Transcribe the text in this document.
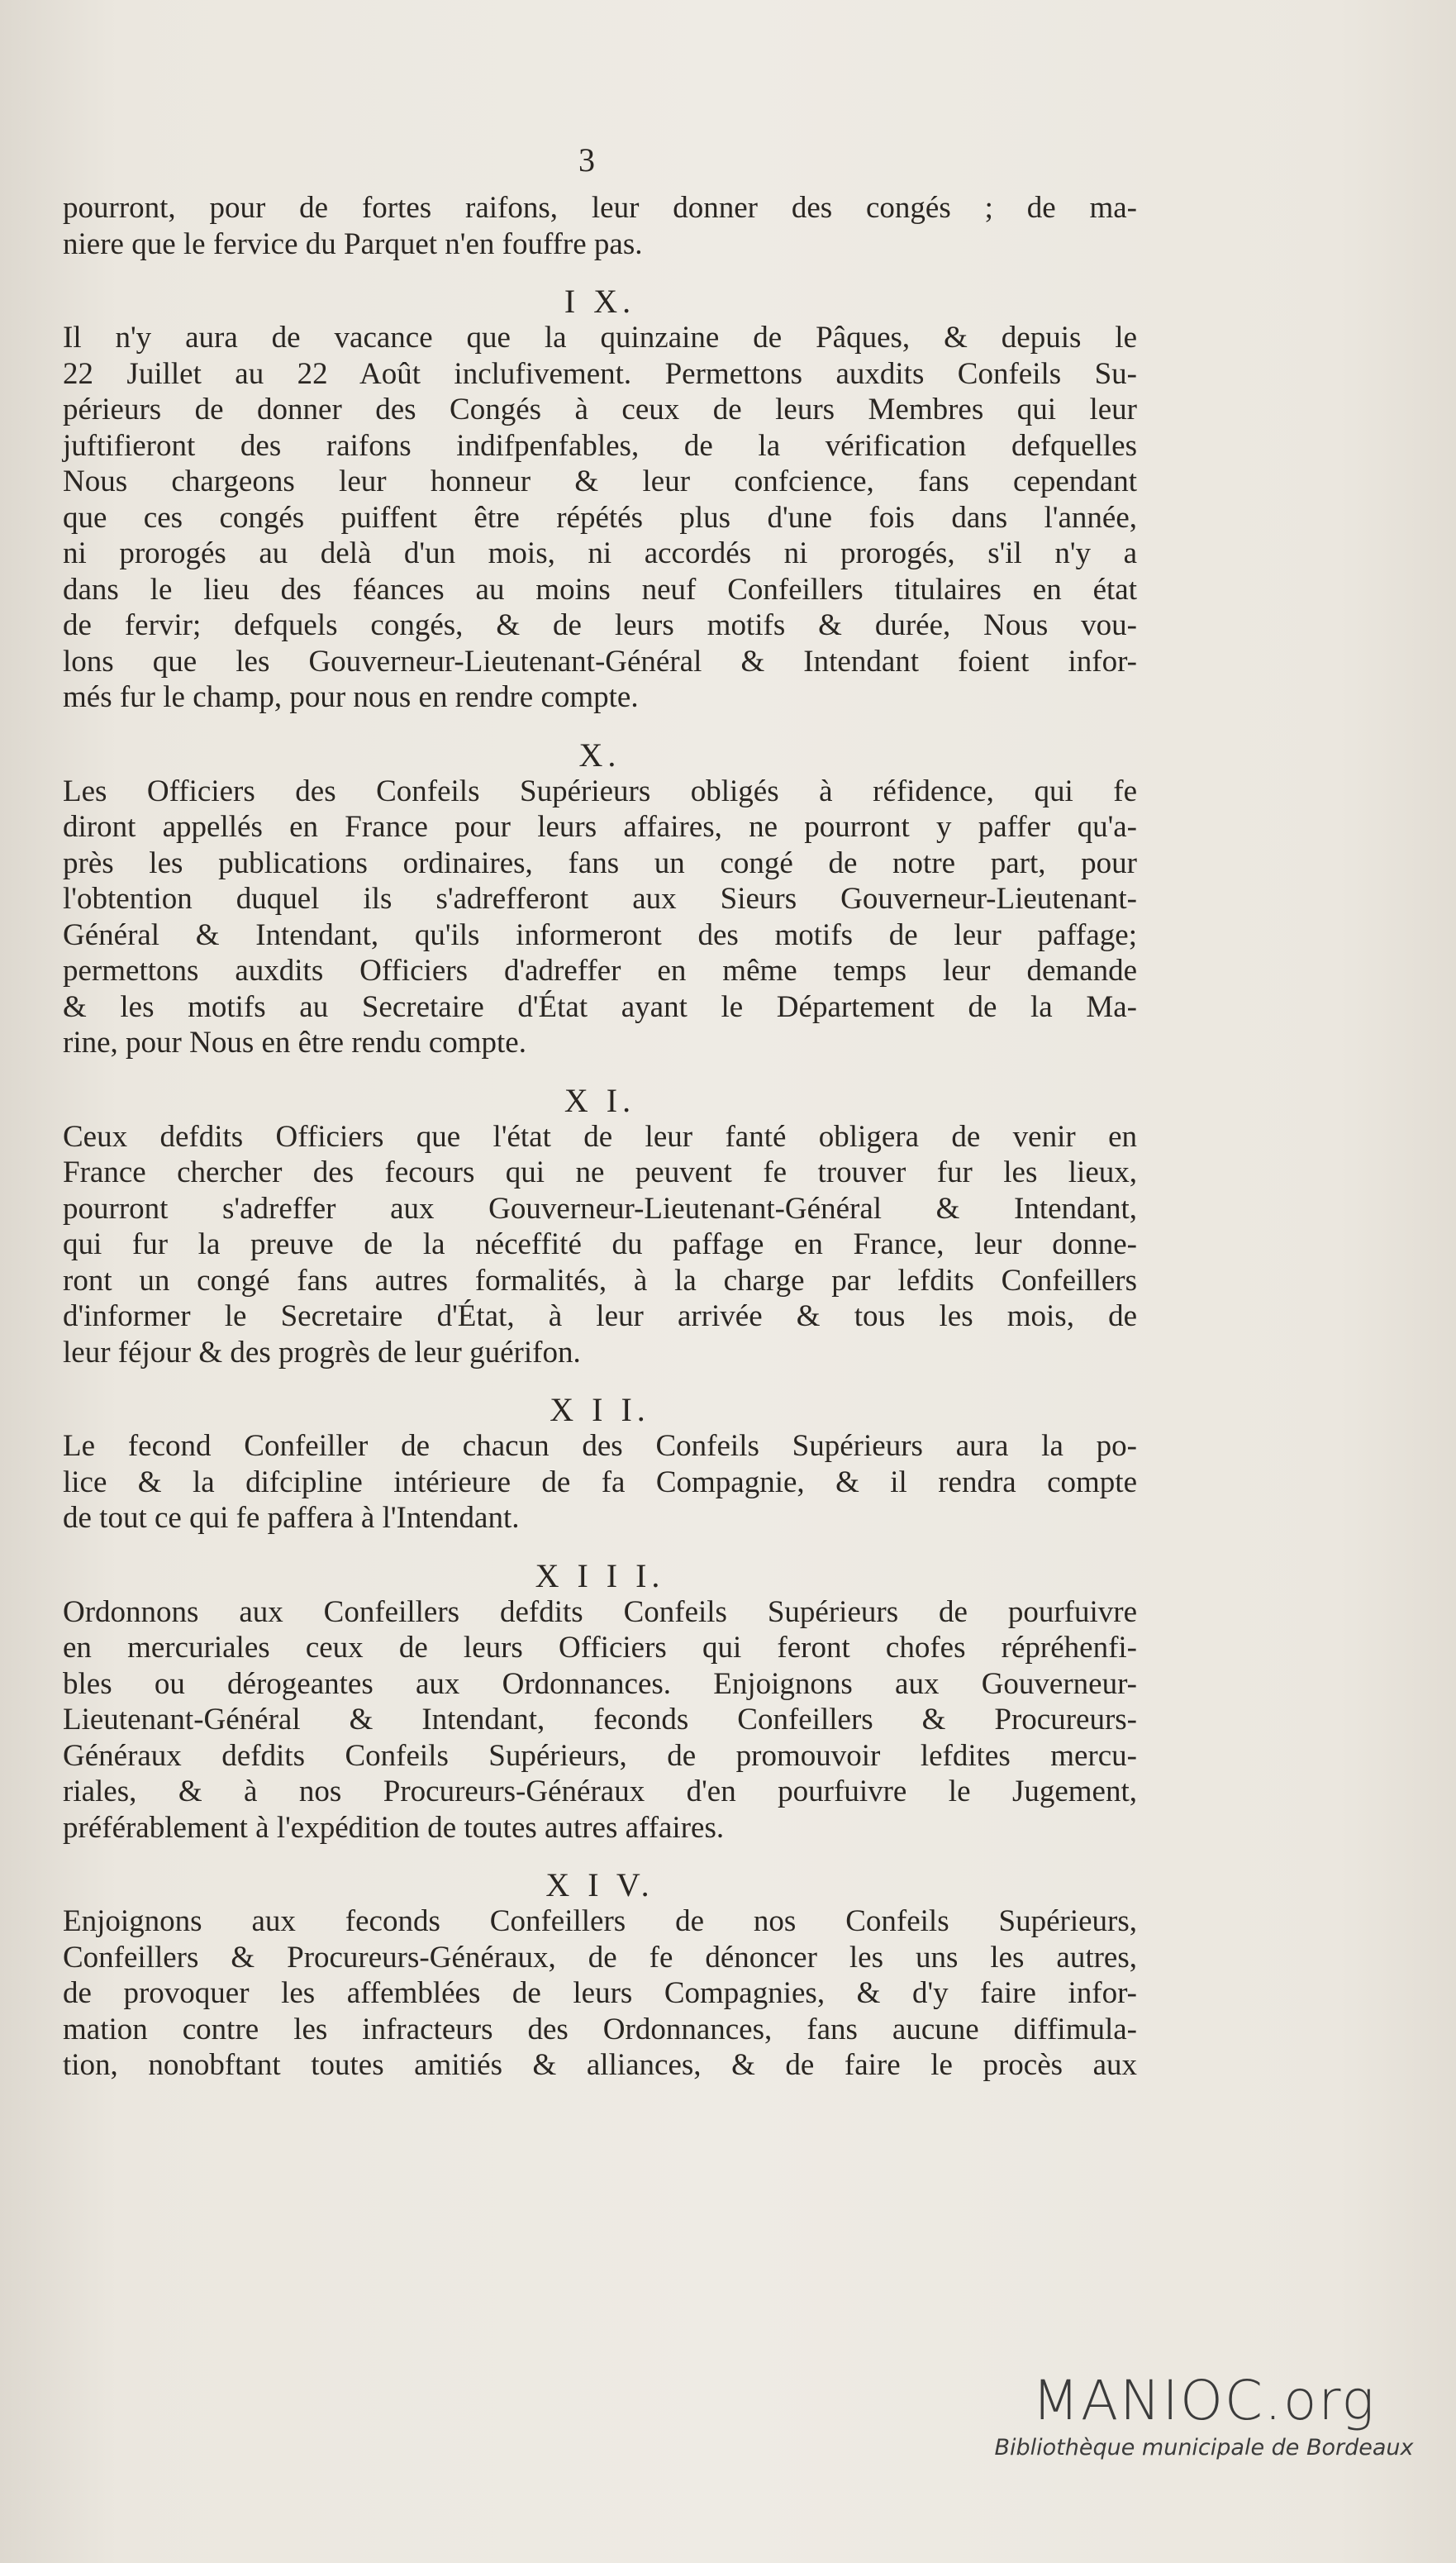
3
pourront, pour de fortes raifons, leur donner des congés ; de ma-
niere que le fervice du Parquet n'en fouffre pas.
I X.
Il n'y aura de vacance que la quinzaine de Pâques, & depuis le
22 Juillet au 22 Août inclufivement. Permettons auxdits Confeils Su-
périeurs de donner des Congés à ceux de leurs Membres qui leur
juftifieront des raifons indifpenfables, de la vérification defquelles
Nous chargeons leur honneur & leur confcience, fans cependant
que ces congés puiffent être répétés plus d'une fois dans l'année,
ni prorogés au delà d'un mois, ni accordés ni prorogés, s'il n'y a
dans le lieu des féances au moins neuf Confeillers titulaires en état
de fervir; defquels congés, & de leurs motifs & durée, Nous vou-
lons que les Gouverneur-Lieutenant-Général & Intendant foient infor-
més fur le champ, pour nous en rendre compte.
X.
Les Officiers des Confeils Supérieurs obligés à réfidence, qui fe
diront appellés en France pour leurs affaires, ne pourront y paffer qu'a-
près les publications ordinaires, fans un congé de notre part, pour
l'obtention duquel ils s'adrefferont aux Sieurs Gouverneur-Lieutenant-
Général & Intendant, qu'ils informeront des motifs de leur paffage;
permettons auxdits Officiers d'adreffer en même temps leur demande
& les motifs au Secretaire d'État ayant le Département de la Ma-
rine, pour Nous en être rendu compte.
X I.
Ceux defdits Officiers que l'état de leur fanté obligera de venir en
France chercher des fecours qui ne peuvent fe trouver fur les lieux,
pourront s'adreffer aux Gouverneur-Lieutenant-Général & Intendant,
qui fur la preuve de la néceffité du paffage en France, leur donne-
ront un congé fans autres formalités, à la charge par lefdits Confeillers
d'informer le Secretaire d'État, à leur arrivée & tous les mois, de
leur féjour & des progrès de leur guérifon.
X I I.
Le fecond Confeiller de chacun des Confeils Supérieurs aura la po-
lice & la difcipline intérieure de fa Compagnie, & il rendra compte
de tout ce qui fe paffera à l'Intendant.
X I I I.
Ordonnons aux Confeillers defdits Confeils Supérieurs de pourfuivre
en mercuriales ceux de leurs Officiers qui feront chofes répréhenfi-
bles ou dérogeantes aux Ordonnances. Enjoignons aux Gouverneur-
Lieutenant-Général & Intendant, feconds Confeillers & Procureurs-
Généraux defdits Confeils Supérieurs, de promouvoir lefdites mercu-
riales, & à nos Procureurs-Généraux d'en pourfuivre le Jugement,
préférablement à l'expédition de toutes autres affaires.
X I V.
Enjoignons aux feconds Confeillers de nos Confeils Supérieurs,
Confeillers & Procureurs-Généraux, de fe dénoncer les uns les autres,
de provoquer les affemblées de leurs Compagnies, & d'y faire infor-
mation contre les infracteurs des Ordonnances, fans aucune diffimula-
tion, nonobftant toutes amitiés & alliances, & de faire le procès aux
MANIOC.org
Bibliothèque municipale de Bordeaux
